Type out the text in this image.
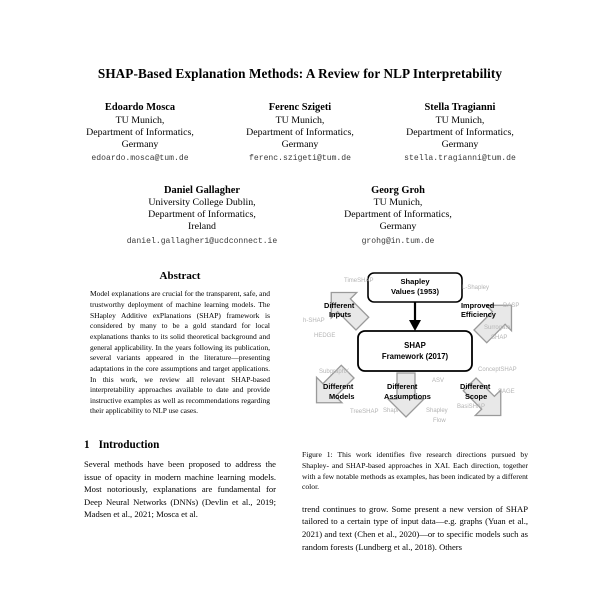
SHAP-Based Explanation Methods: A Review for NLP Interpretability
Edoardo Mosca
TU Munich,
Department of Informatics,
Germany
edoardo.mosca@tum.de
Ferenc Szigeti
TU Munich,
Department of Informatics,
Germany
ferenc.szigeti@tum.de
Stella Tragianni
TU Munich,
Department of Informatics,
Germany
stella.tragianni@tum.de
Daniel Gallagher
University College Dublin,
Department of Informatics,
Ireland
daniel.gallagher1@ucdconnect.ie
Georg Groh
TU Munich,
Department of Informatics,
Germany
grohg@in.tum.de
Abstract

Model explanations are crucial for the transparent, safe, and trustworthy deployment of machine learning models. The SHapley Additive exPlanations (SHAP) framework is considered by many to be a gold standard for local explanations thanks to its solid theoretical background and general applicability. In the years following its publication, several variants appeared in the literature—presenting adaptations in the core assumptions and target applications. In this work, we review all relevant SHAP-based interpretability approaches available to date and provide instructive examples as well as recommendations regarding their applicability to NLP use cases.

1 Introduction

Several methods have been proposed to address the issue of opacity in modern machine learning models. Most notoriously, explanations are fundamental for Deep Neural Networks (DNNs) (Devlin et al., 2019; Madsen et al., 2021; Mosca et al.

Shapley
Values (1953)
SHAP
Framework (2017)
Different
Inputs
TimeSHAP
h-SHAP
HEDGE
Improved
Efficiency
L-Shapley
DASP
Surrogate
SHAP
Different
Models
SubgraphX
TreeSHAP
Different
Assumptions
ASV
Shapr	Shapley
Flow
Different
Scope
ConceptSHAP
SAGE
BasiSHAP

Figure 1: This work identifies five research directions pursued by Shapley- and SHAP-based approaches in XAI. Each direction, together with a few notable methods as examples, has been indicated by a different color.

trend continues to grow. Some present a new version of SHAP tailored to a certain type of input data—e.g. graphs (Yuan et al., 2021) and text (Chen et al., 2020)—or to specific models such as random forests (Lundberg et al., 2018). Others
